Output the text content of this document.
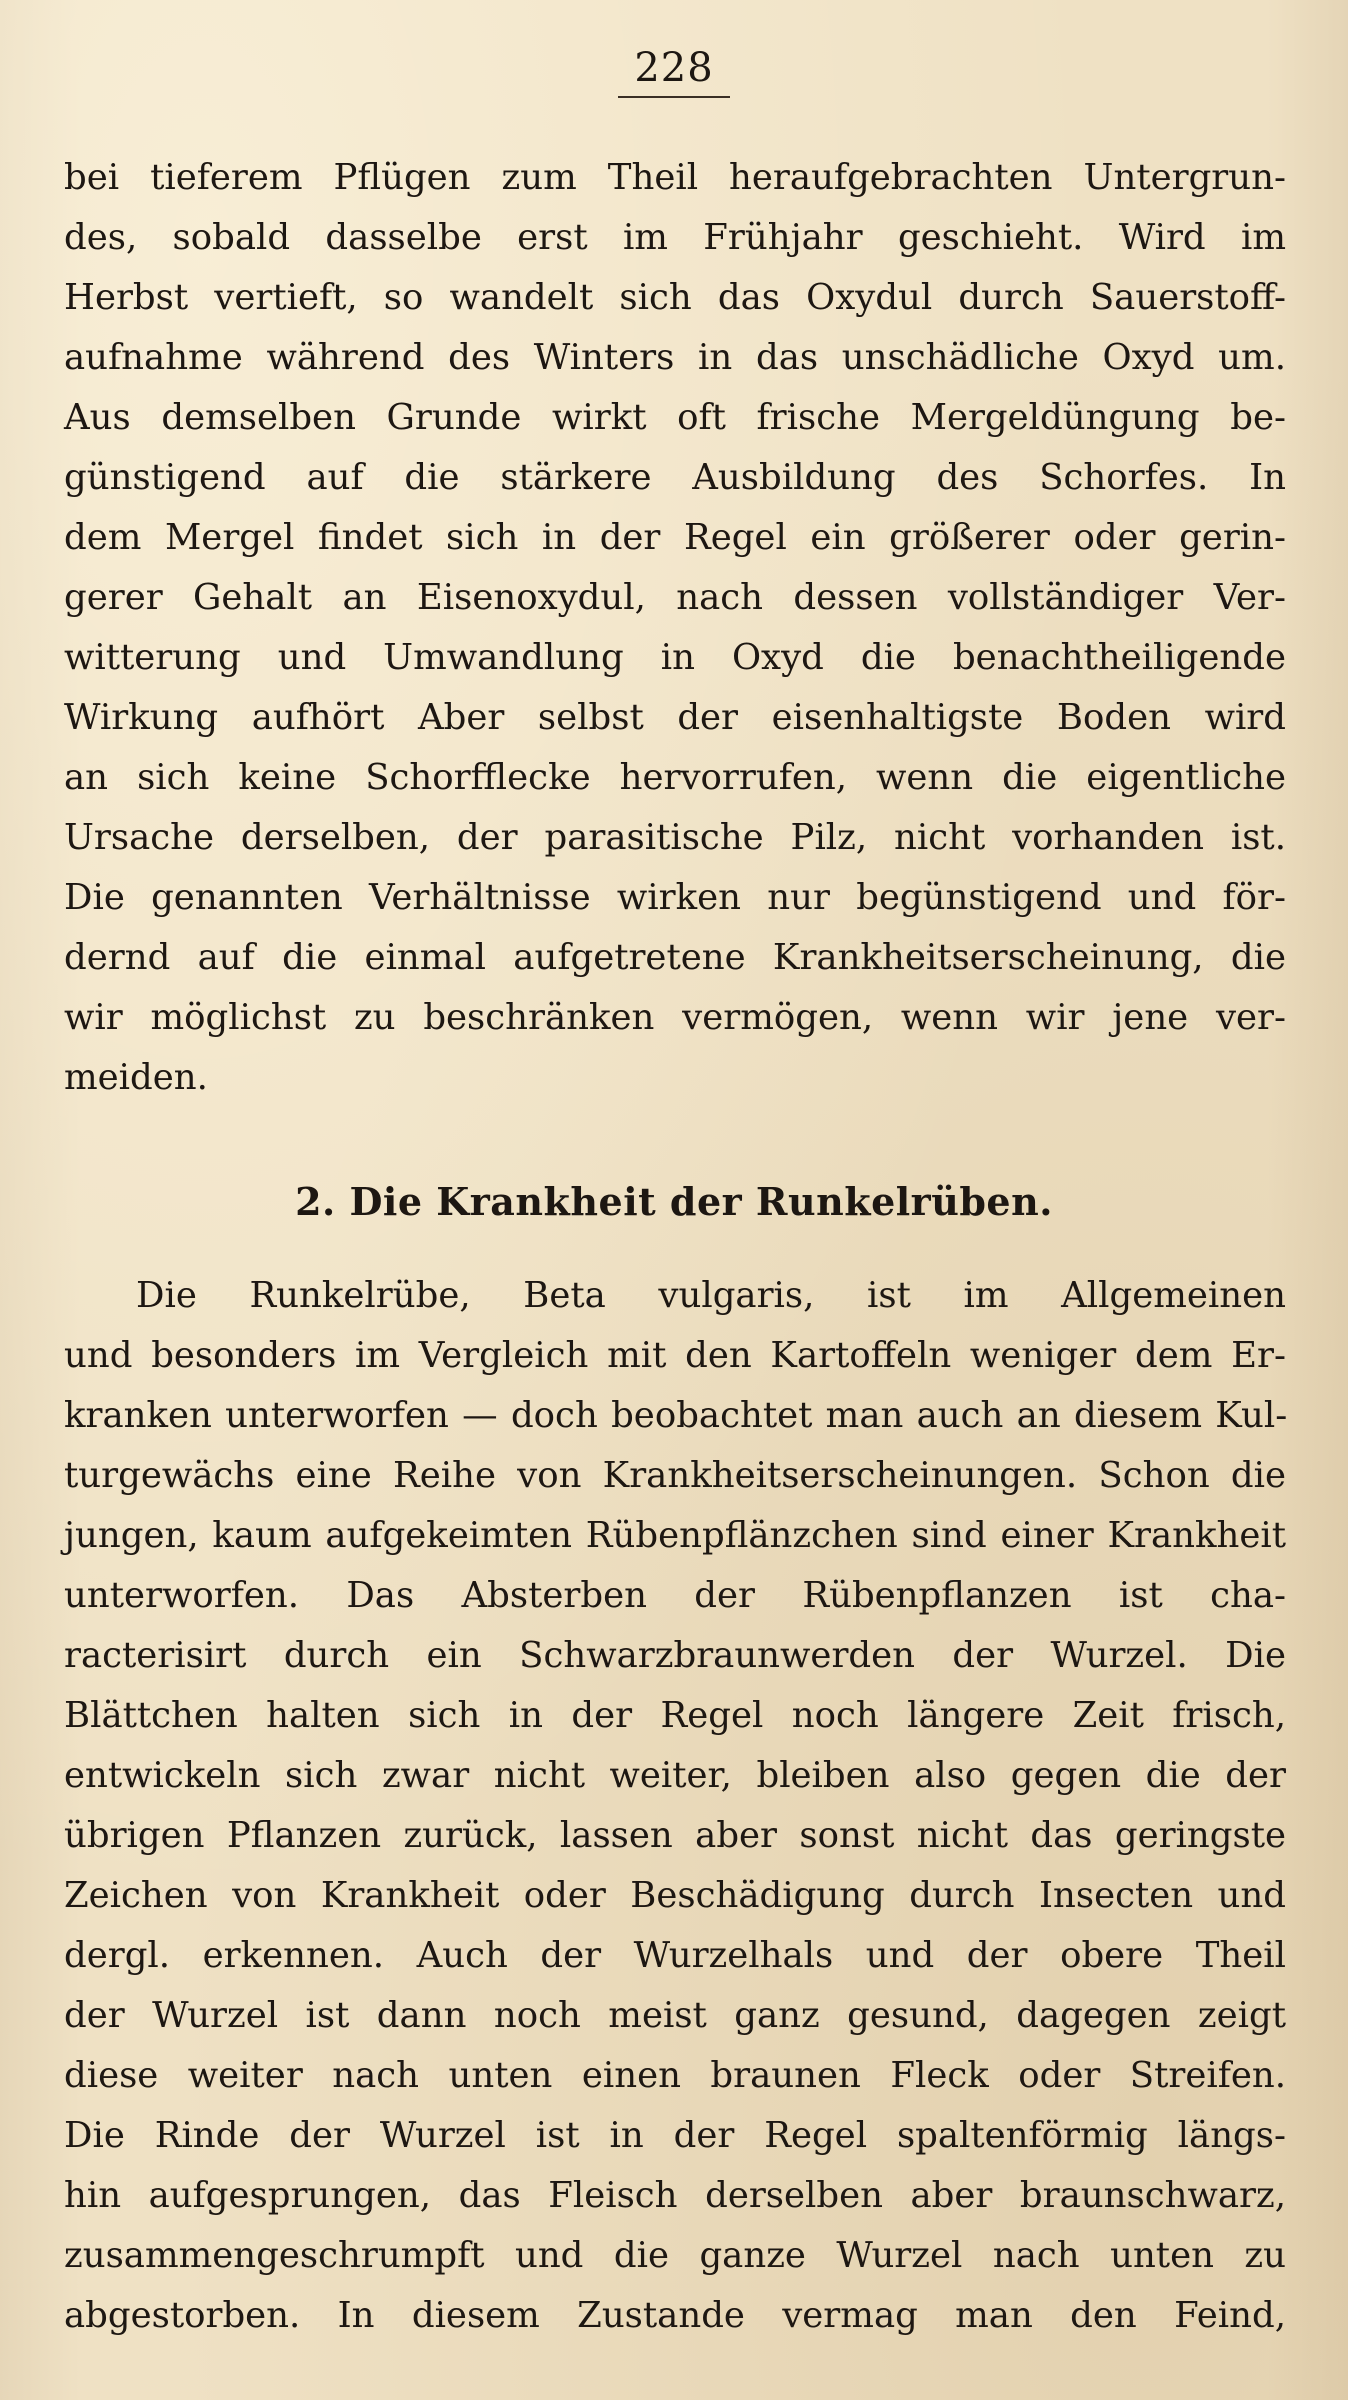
228
bei tieferem Pflügen zum Theil heraufgebrachten Untergrun-
des, sobald dasselbe erst im Frühjahr geschieht. Wird im
Herbst vertieft, so wandelt sich das Oxydul durch Sauerstoff-
aufnahme während des Winters in das unschädliche Oxyd um.
Aus demselben Grunde wirkt oft frische Mergeldüngung be-
günstigend auf die stärkere Ausbildung des Schorfes. In
dem Mergel findet sich in der Regel ein größerer oder gerin-
gerer Gehalt an Eisenoxydul, nach dessen vollständiger Ver-
witterung und Umwandlung in Oxyd die benachtheiligende
Wirkung aufhört Aber selbst der eisenhaltigste Boden wird
an sich keine Schorfflecke hervorrufen, wenn die eigentliche
Ursache derselben, der parasitische Pilz, nicht vorhanden ist.
Die genannten Verhältnisse wirken nur begünstigend und för-
dernd auf die einmal aufgetretene Krankheitserscheinung, die
wir möglichst zu beschränken vermögen, wenn wir jene ver-
meiden.
2. Die Krankheit der Runkelrüben.
Die Runkelrübe, Beta vulgaris, ist im Allgemeinen
und besonders im Vergleich mit den Kartoffeln weniger dem Er-
kranken unterworfen — doch beobachtet man auch an diesem Kul-
turgewächs eine Reihe von Krankheitserscheinungen. Schon die
jungen, kaum aufgekeimten Rübenpflänzchen sind einer Krankheit
unterworfen. Das Absterben der Rübenpflanzen ist cha-
racterisirt durch ein Schwarzbraunwerden der Wurzel. Die
Blättchen halten sich in der Regel noch längere Zeit frisch,
entwickeln sich zwar nicht weiter, bleiben also gegen die der
übrigen Pflanzen zurück, lassen aber sonst nicht das geringste
Zeichen von Krankheit oder Beschädigung durch Insecten und
dergl. erkennen. Auch der Wurzelhals und der obere Theil
der Wurzel ist dann noch meist ganz gesund, dagegen zeigt
diese weiter nach unten einen braunen Fleck oder Streifen.
Die Rinde der Wurzel ist in der Regel spaltenförmig längs-
hin aufgesprungen, das Fleisch derselben aber braunschwarz,
zusammengeschrumpft und die ganze Wurzel nach unten zu
abgestorben. In diesem Zustande vermag man den Feind,
